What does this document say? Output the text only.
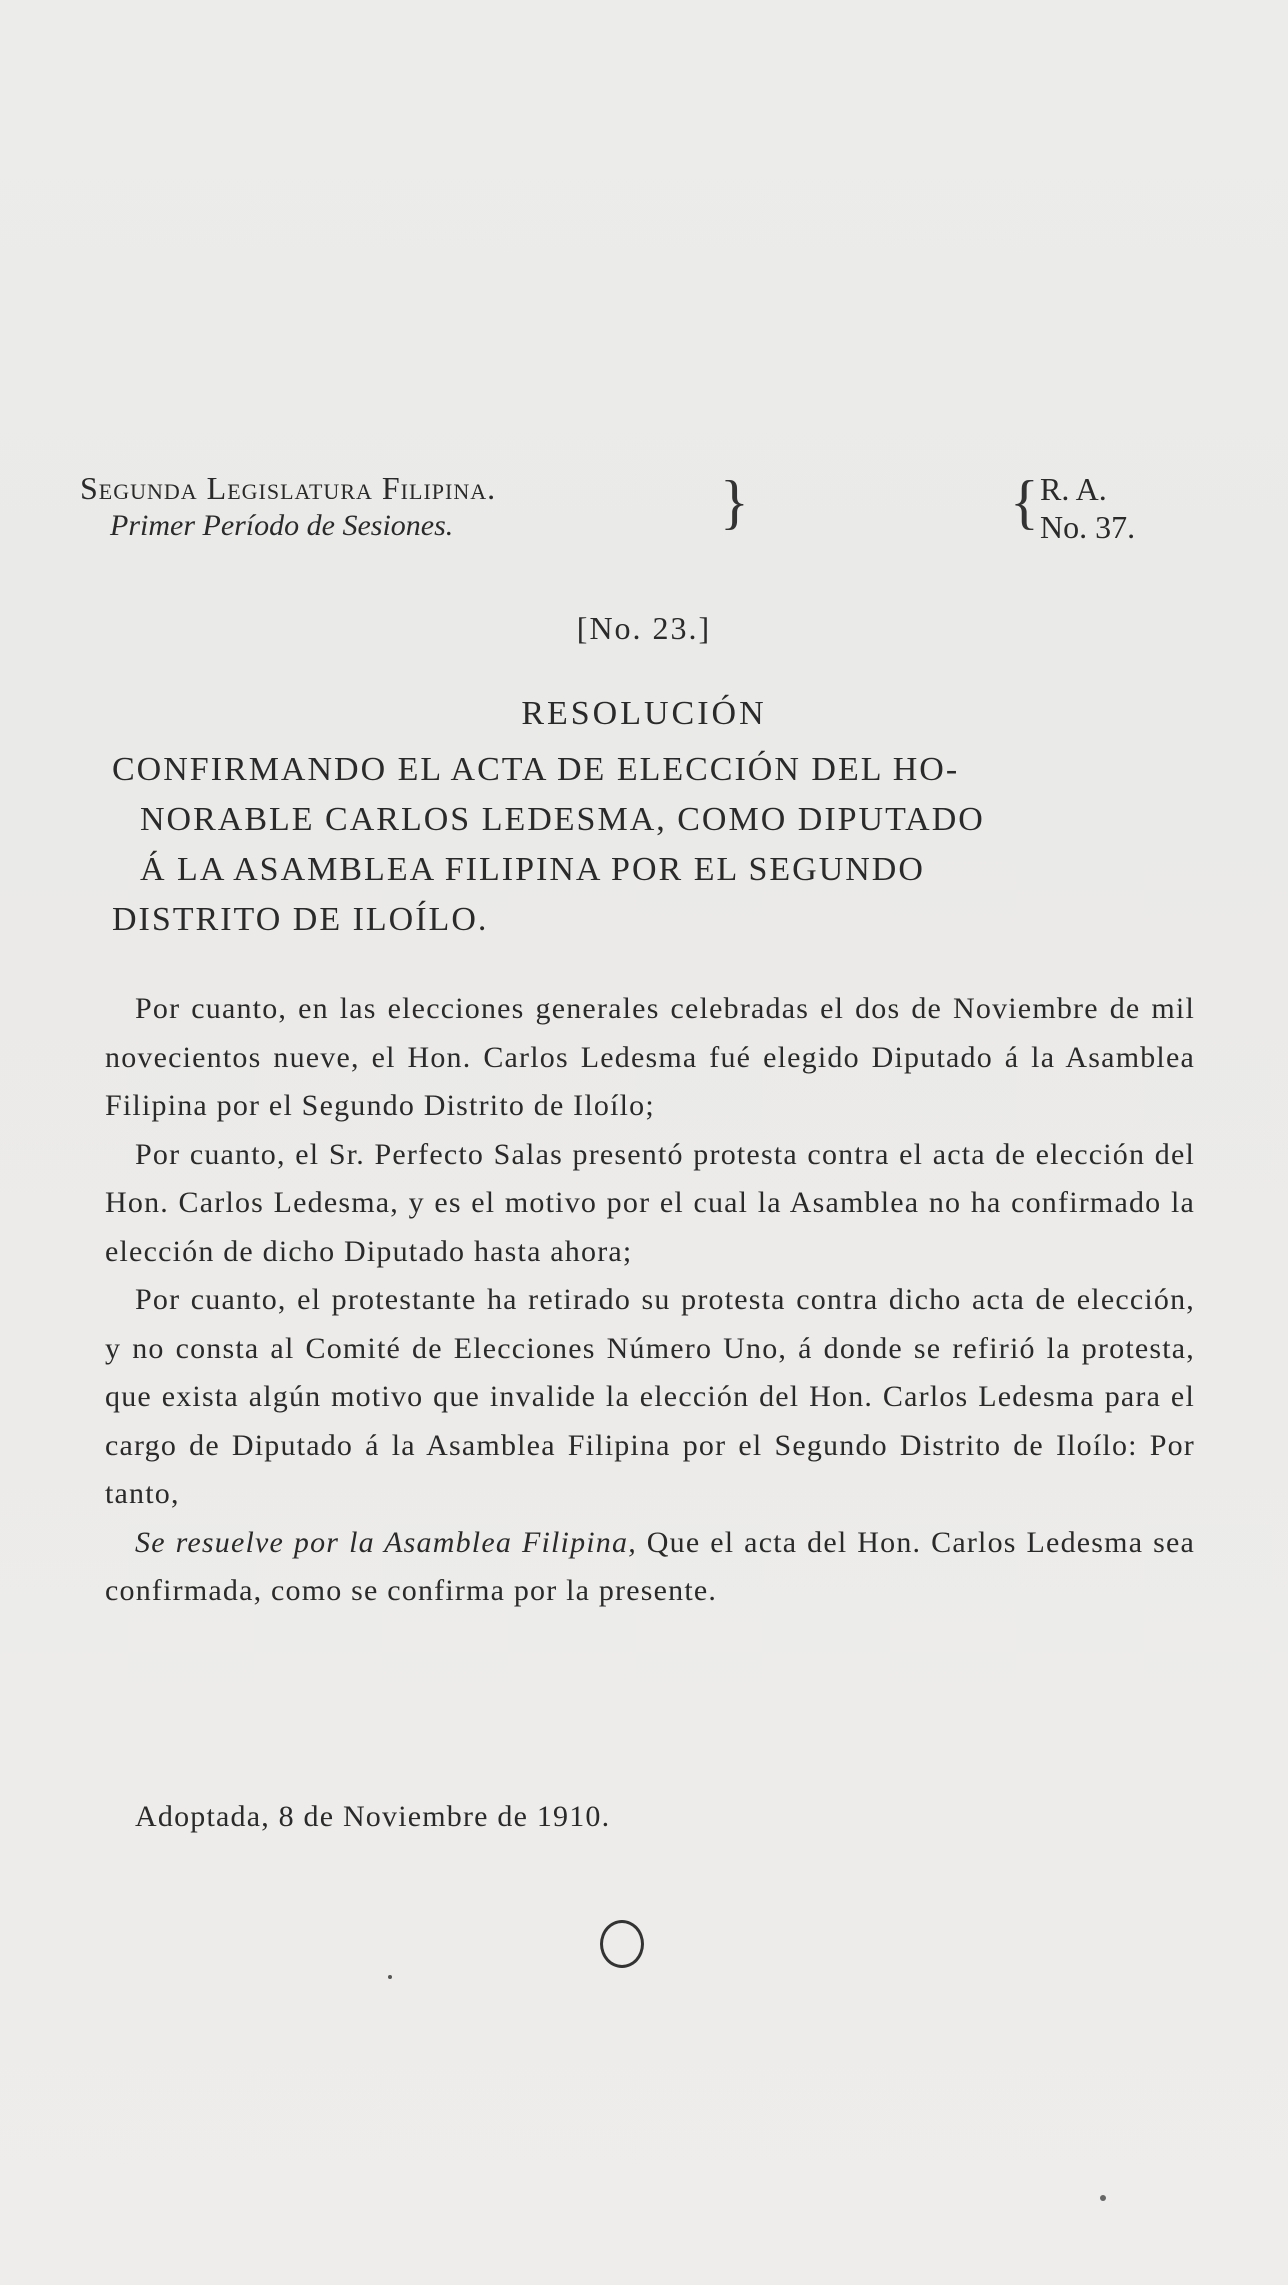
Segunda Legislatura Filipina.
Primer Período de Sesiones.	}	{ R. A.
No. 37.
[No. 23.]
RESOLUCIÓN
CONFIRMANDO EL ACTA DE ELECCIÓN DEL HO-
NORABLE CARLOS LEDESMA, COMO DIPUTADO
Á LA ASAMBLEA FILIPINA POR EL SEGUNDO
DISTRITO DE ILOÍLO.

Por cuanto, en las elecciones generales celebradas el dos de Noviembre de mil novecientos nueve, el Hon. Carlos Ledesma fué elegido Diputado á la Asamblea Filipina por el Segundo Distrito de Iloílo;

Por cuanto, el Sr. Perfecto Salas presentó protesta contra el acta de elección del Hon. Carlos Ledesma, y es el motivo por el cual la Asamblea no ha confirmado la elección de dicho Diputado hasta ahora;

Por cuanto, el protestante ha retirado su protesta contra dicho acta de elección, y no consta al Comité de Elecciones Número Uno, á donde se refirió la protesta, que exista algún motivo que invalide la elección del Hon. Carlos Ledesma para el cargo de Diputado á la Asamblea Filipina por el Segundo Distrito de Iloílo: Por tanto,

Se resuelve por la Asamblea Filipina, Que el acta del Hon. Carlos Ledesma sea confirmada, como se confirma por la presente.

Adoptada, 8 de Noviembre de 1910.
